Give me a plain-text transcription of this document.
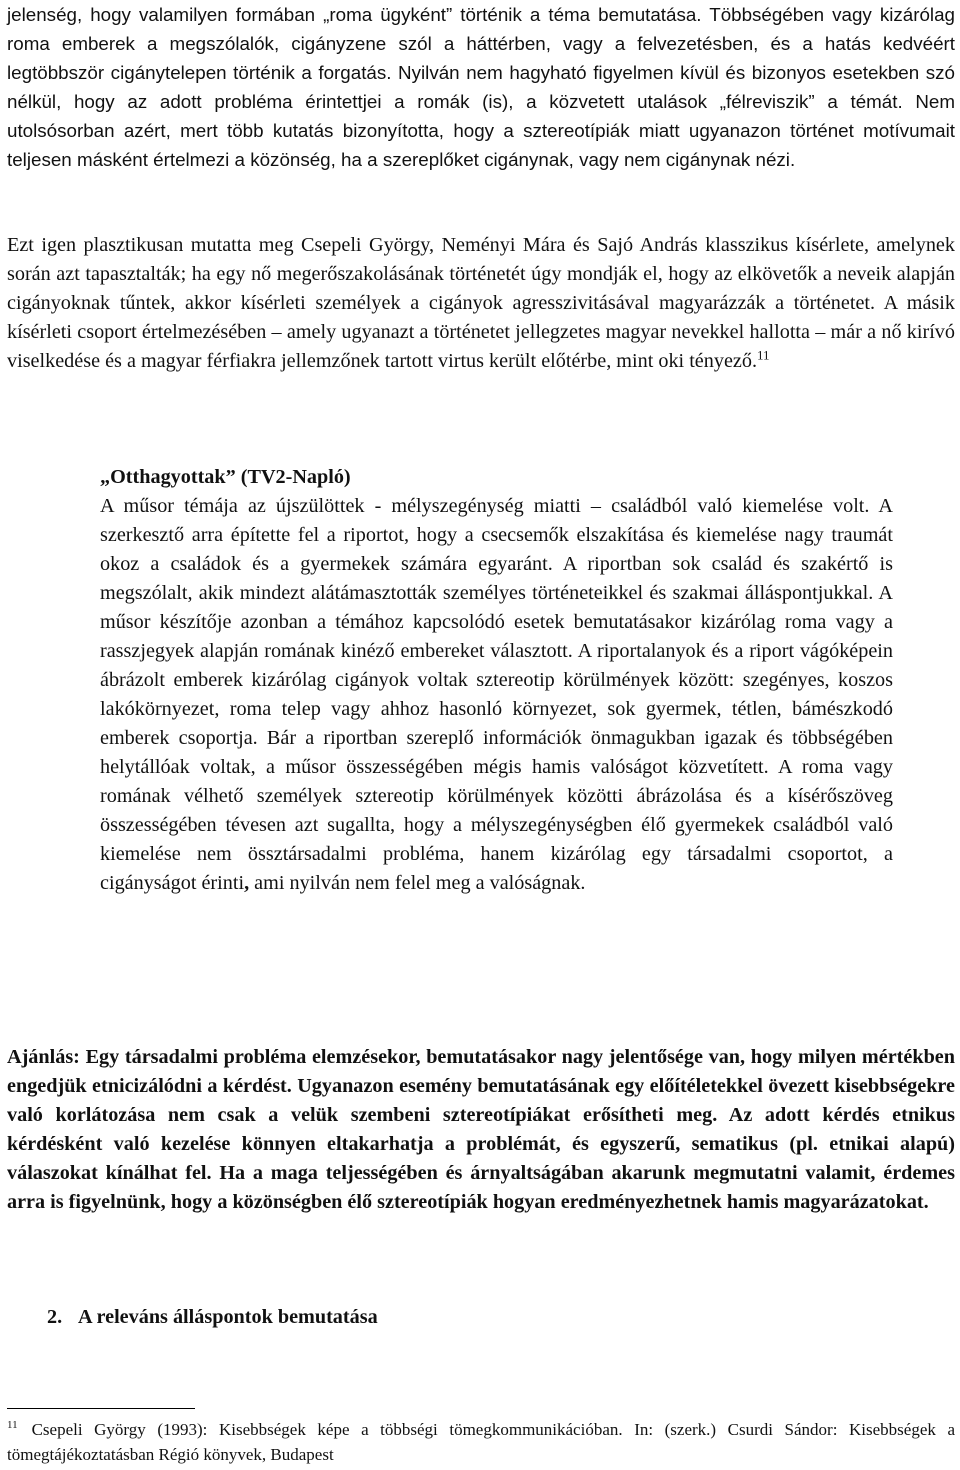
jelenség, hogy valamilyen formában „roma ügyként” történik a téma bemutatása. Többségében vagy kizárólag roma emberek a megszólalók, cigányzene szól a háttérben, vagy a felvezetésben, és a hatás kedvéért legtöbbször cigánytelepen történik a forgatás. Nyilván nem hagyható figyelmen kívül és bizonyos esetekben szó nélkül, hogy az adott probléma érintettjei a romák (is), a közvetett utalások „félreviszik” a témát. Nem utolsósorban azért, mert több kutatás bizonyította, hogy a sztereotípiák miatt ugyanazon történet motívumait teljesen másként értelmezi a közönség, ha a szereplőket cigánynak, vagy nem cigánynak nézi.

Ezt igen plasztikusan mutatta meg Csepeli György, Neményi Mára és Sajó András klasszikus kísérlete, amelynek során azt tapasztalták; ha egy nő megerőszakolásának történetét úgy mondják el, hogy az elkövetők a neveik alapján cigányoknak tűntek, akkor kísérleti személyek a cigányok agresszivitásával magyarázzák a történetet. A másik kísérleti csoport értelmezésében – amely ugyanazt a történetet jellegzetes magyar nevekkel hallotta – már a nő kirívó viselkedése és a magyar férfiakra jellemzőnek tartott virtus került előtérbe, mint oki tényező.$^{11}$

„Otthagyottak” (TV2-Napló)

A műsor témája az újszülöttek - mélyszegénység miatti – családból való kiemelése volt. A szerkesztő arra építette fel a riportot, hogy a csecsemők elszakítása és kiemelése nagy traumát okoz a családok és a gyermekek számára egyaránt. A riportban sok család és szakértő is megszólalt, akik mindezt alátámasztották személyes történeteikkel és szakmai álláspontjukkal. A műsor készítője azonban a témához kapcsolódó esetek bemutatásakor kizárólag roma vagy a rasszjegyek alapján romának kinéző embereket választott. A riportalanyok és a riport vágóképein ábrázolt emberek kizárólag cigányok voltak sztereotip körülmények között: szegényes, koszos lakókörnyezet, roma telep vagy ahhoz hasonló környezet, sok gyermek, tétlen, bámészkodó emberek csoportja. Bár a riportban szereplő információk önmagukban igazak és többségében helytállóak voltak, a műsor összességében mégis hamis valóságot közvetített. A roma vagy romának vélhető személyek sztereotip körülmények közötti ábrázolása és a kísérőszöveg összességében tévesen azt sugallta, hogy a mélyszegénységben élő gyermekek családból való kiemelése nem össztársadalmi probléma, hanem kizárólag egy társadalmi csoportot, a cigányságot érinti, ami nyilván nem felel meg a valóságnak.

Ajánlás: Egy társadalmi probléma elemzésekor, bemutatásakor nagy jelentősége van, hogy milyen mértékben engedjük etnicizálódni a kérdést. Ugyanazon esemény bemutatásának egy előítéletekkel övezett kisebbségekre való korlátozása nem csak a velük szembeni sztereotípiákat erősítheti meg. Az adott kérdés etnikus kérdésként való kezelése könnyen eltakarhatja a problémát, és egyszerű, sematikus (pl. etnikai alapú) válaszokat kínálhat fel. Ha a maga teljességében és árnyaltságában akarunk megmutatni valamit, érdemes arra is figyelnünk, hogy a közönségben élő sztereotípiák hogyan eredményezhetnek hamis magyarázatokat.

2. A releváns álláspontok bemutatása

$^{11}$ Csepeli György (1993): Kisebbségek képe a többségi tömegkommunikációban. In: (szerk.) Csurdi Sándor: Kisebbségek a tömegtájékoztatásban Régió könyvek, Budapest
